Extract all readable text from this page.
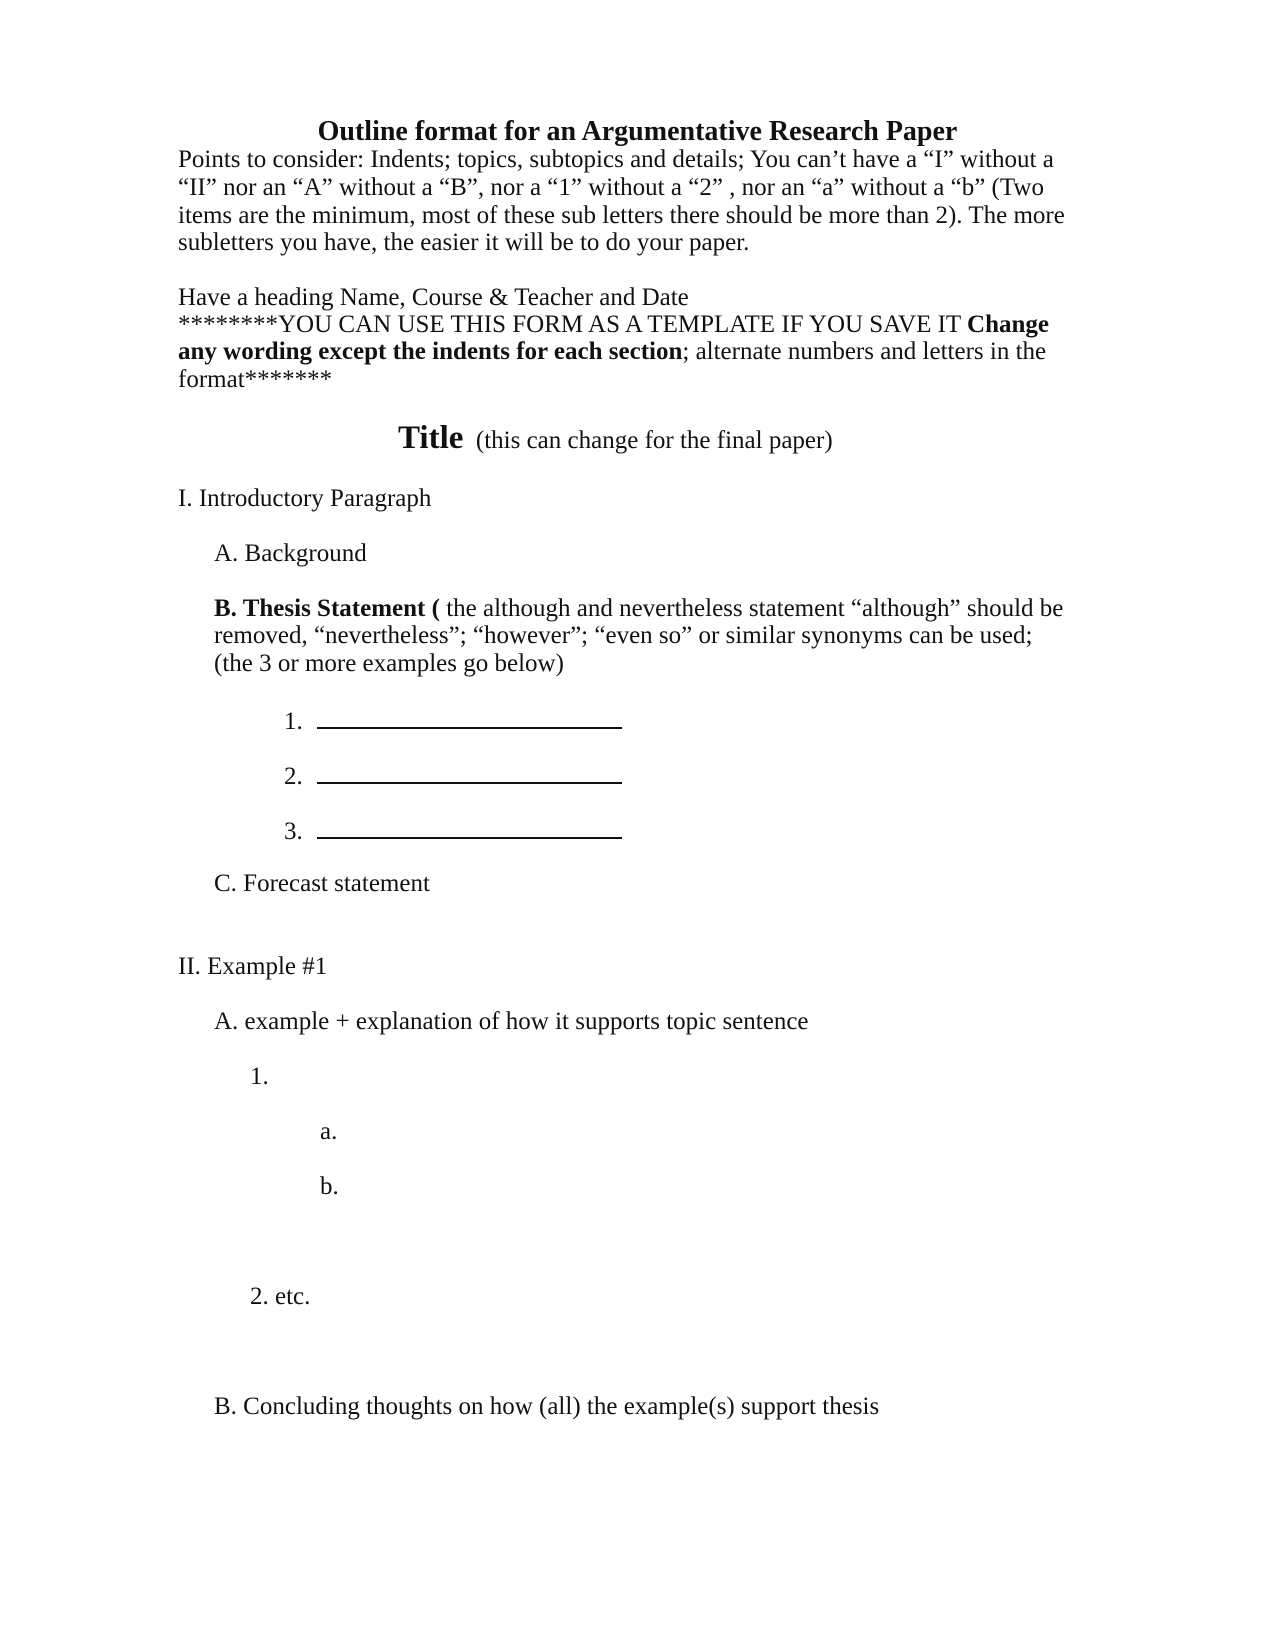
Outline format for an Argumentative Research Paper
Points to consider: Indents; topics, subtopics and details; You can’t have a “I” without a
“II” nor an “A” without a “B”, nor a “1” without a “2” , nor an “a” without a “b” (Two
items are the minimum, most of these sub letters there should be more than 2). The more
subletters you have, the easier it will be to do your paper.
Have a heading Name, Course & Teacher and Date
********YOU CAN USE THIS FORM AS A TEMPLATE IF YOU SAVE IT Change
any wording except the indents for each section; alternate numbers and letters in the
format*******
Title (this can change for the final paper)
I. Introductory Paragraph
A. Background
B. Thesis Statement ( the although and nevertheless statement “although” should be
removed, “nevertheless”; “however”; “even so” or similar synonyms can be used;
(the 3 or more examples go below)
1.
2.
3.
C. Forecast statement
II. Example #1
A. example + explanation of how it supports topic sentence
1.
a.
b.
2. etc.
B. Concluding thoughts on how (all) the example(s) support thesis
